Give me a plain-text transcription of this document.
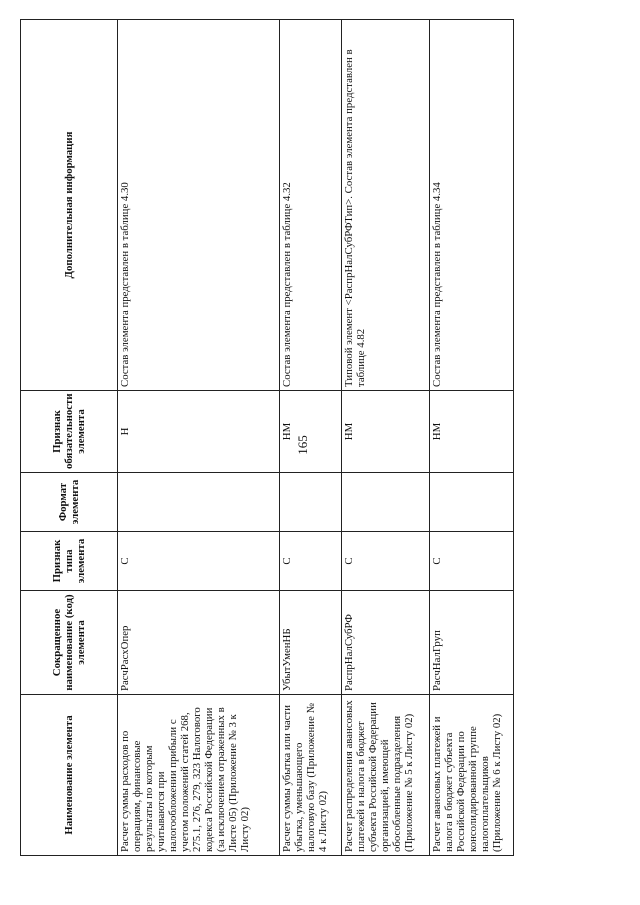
165
Наименование элемента	Сокращенное наименование (код) элемента	Признак типа элемента	Формат элемента	Признак обязательности элемента	Дополнительная информация
Расчет суммы расходов по операциям, финансовые результаты по которым учитываются при налогообложении прибыли с учетом положений статей 268, 275.1, 276, 279, 323 Налогового кодекса Российской Федерации (за исключением отраженных в Листе 05) (Приложение № 3 к Листу 02)	РасчРасхОпер	С		Н	Состав элемента представлен в таблице 4.30
Расчет суммы убытка или части убытка, уменьшающего налоговую базу (Приложение № 4 к Листу 02)	УбытУменНБ	С		НМ	Состав элемента представлен в таблице 4.32
Расчет распределения авансовых платежей и налога в бюджет субъекта Российской Федерации организацией, имеющей обособленные подразделения (Приложение № 5 к Листу 02)	РаспрНалСубРФ	С		НМ	Типовой элемент <РаспрНалСубРФТип>. Состав элемента представлен в таблице 4.82
Расчет авансовых платежей и налога в бюджет субъекта Российской Федерации по консолидированной группе налогоплательщиков (Приложение № 6 к Листу 02)	РасчНалГруп	С		НМ	Состав элемента представлен в таблице 4.34
